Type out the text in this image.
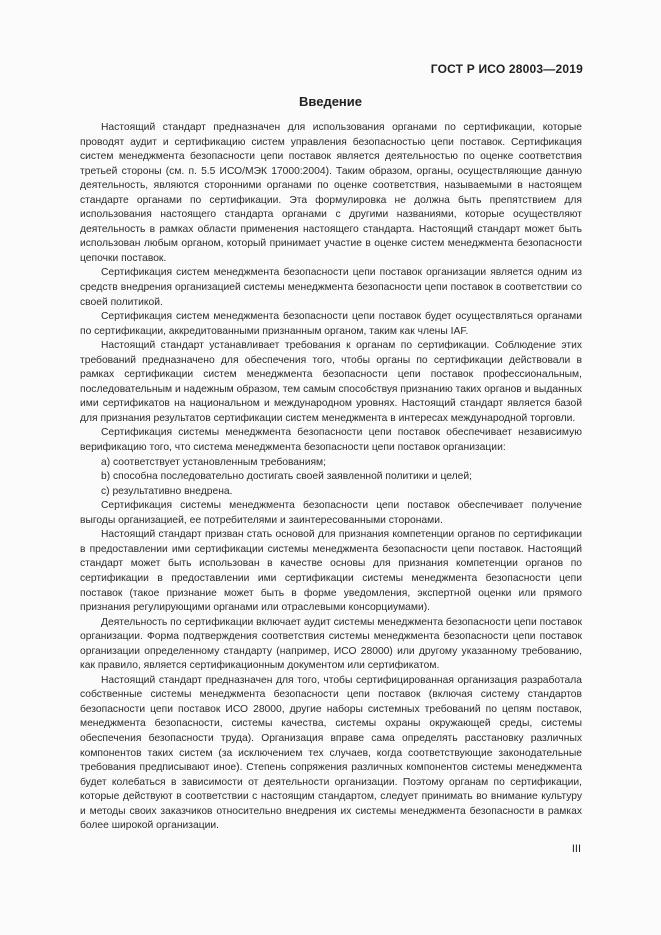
ГОСТ Р ИСО 28003—2019
Введение

Настоящий стандарт предназначен для использования органами по сертификации, которые проводят аудит и сертификацию систем управления безопасностью цепи поставок. Сертификация систем менеджмента безопасности цепи поставок является деятельностью по оценке соответствия третьей стороны (см. п. 5.5 ИСО/МЭК 17000:2004). Таким образом, органы, осуществляющие данную деятельность, являются сторонними органами по оценке соответствия, называемыми в настоящем стандарте органами по сертификации. Эта формулировка не должна быть препятствием для использования настоящего стандарта органами с другими названиями, которые осуществляют деятельность в рамках области применения настоящего стандарта. Настоящий стандарт может быть использован любым органом, который принимает участие в оценке систем менеджмента безопасности цепочки поставок.

Сертификация систем менеджмента безопасности цепи поставок организации является одним из средств внедрения организацией системы менеджмента безопасности цепи поставок в соответствии со своей политикой.

Сертификация систем менеджмента безопасности цепи поставок будет осуществляться органами по сертификации, аккредитованными признанным органом, таким как члены IAF.

Настоящий стандарт устанавливает требования к органам по сертификации. Соблюдение этих требований предназначено для обеспечения того, чтобы органы по сертификации действовали в рамках сертификации систем менеджмента безопасности цепи поставок профессиональным, последовательным и надежным образом, тем самым способствуя признанию таких органов и выданных ими сертификатов на национальном и международном уровнях. Настоящий стандарт является базой для признания результатов сертификации систем менеджмента в интересах международной торговли.

Сертификация системы менеджмента безопасности цепи поставок обеспечивает независимую верификацию того, что система менеджмента безопасности цепи поставок организации:

a) соответствует установленным требованиям;

b) способна последовательно достигать своей заявленной политики и целей;

c) результативно внедрена.

Сертификация системы менеджмента безопасности цепи поставок обеспечивает получение выгоды организацией, ее потребителями и заинтересованными сторонами.

Настоящий стандарт призван стать основой для признания компетенции органов по сертификации в предоставлении ими сертификации системы менеджмента безопасности цепи поставок. Настоящий стандарт может быть использован в качестве основы для признания компетенции органов по сертификации в предоставлении ими сертификации системы менеджмента безопасности цепи поставок (такое признание может быть в форме уведомления, экспертной оценки или прямого признания регулирующими органами или отраслевыми консорциумами).

Деятельность по сертификации включает аудит системы менеджмента безопасности цепи поставок организации. Форма подтверждения соответствия системы менеджмента безопасности цепи поставок организации определенному стандарту (например, ИСО 28000) или другому указанному требованию, как правило, является сертификационным документом или сертификатом.

Настоящий стандарт предназначен для того, чтобы сертифицированная организация разработала собственные системы менеджмента безопасности цепи поставок (включая систему стандартов безопасности цепи поставок ИСО 28000, другие наборы системных требований по цепям поставок, менеджмента безопасности, системы качества, системы охраны окружающей среды, системы обеспечения безопасности труда). Организация вправе сама определять расстановку различных компонентов таких систем (за исключением тех случаев, когда соответствующие законодательные требования предписывают иное). Степень сопряжения различных компонентов системы менеджмента будет колебаться в зависимости от деятельности организации. Поэтому органам по сертификации, которые действуют в соответствии с настоящим стандартом, следует принимать во внимание культуру и методы своих заказчиков относительно внедрения их системы менеджмента безопасности в рамках более широкой организации.

III
